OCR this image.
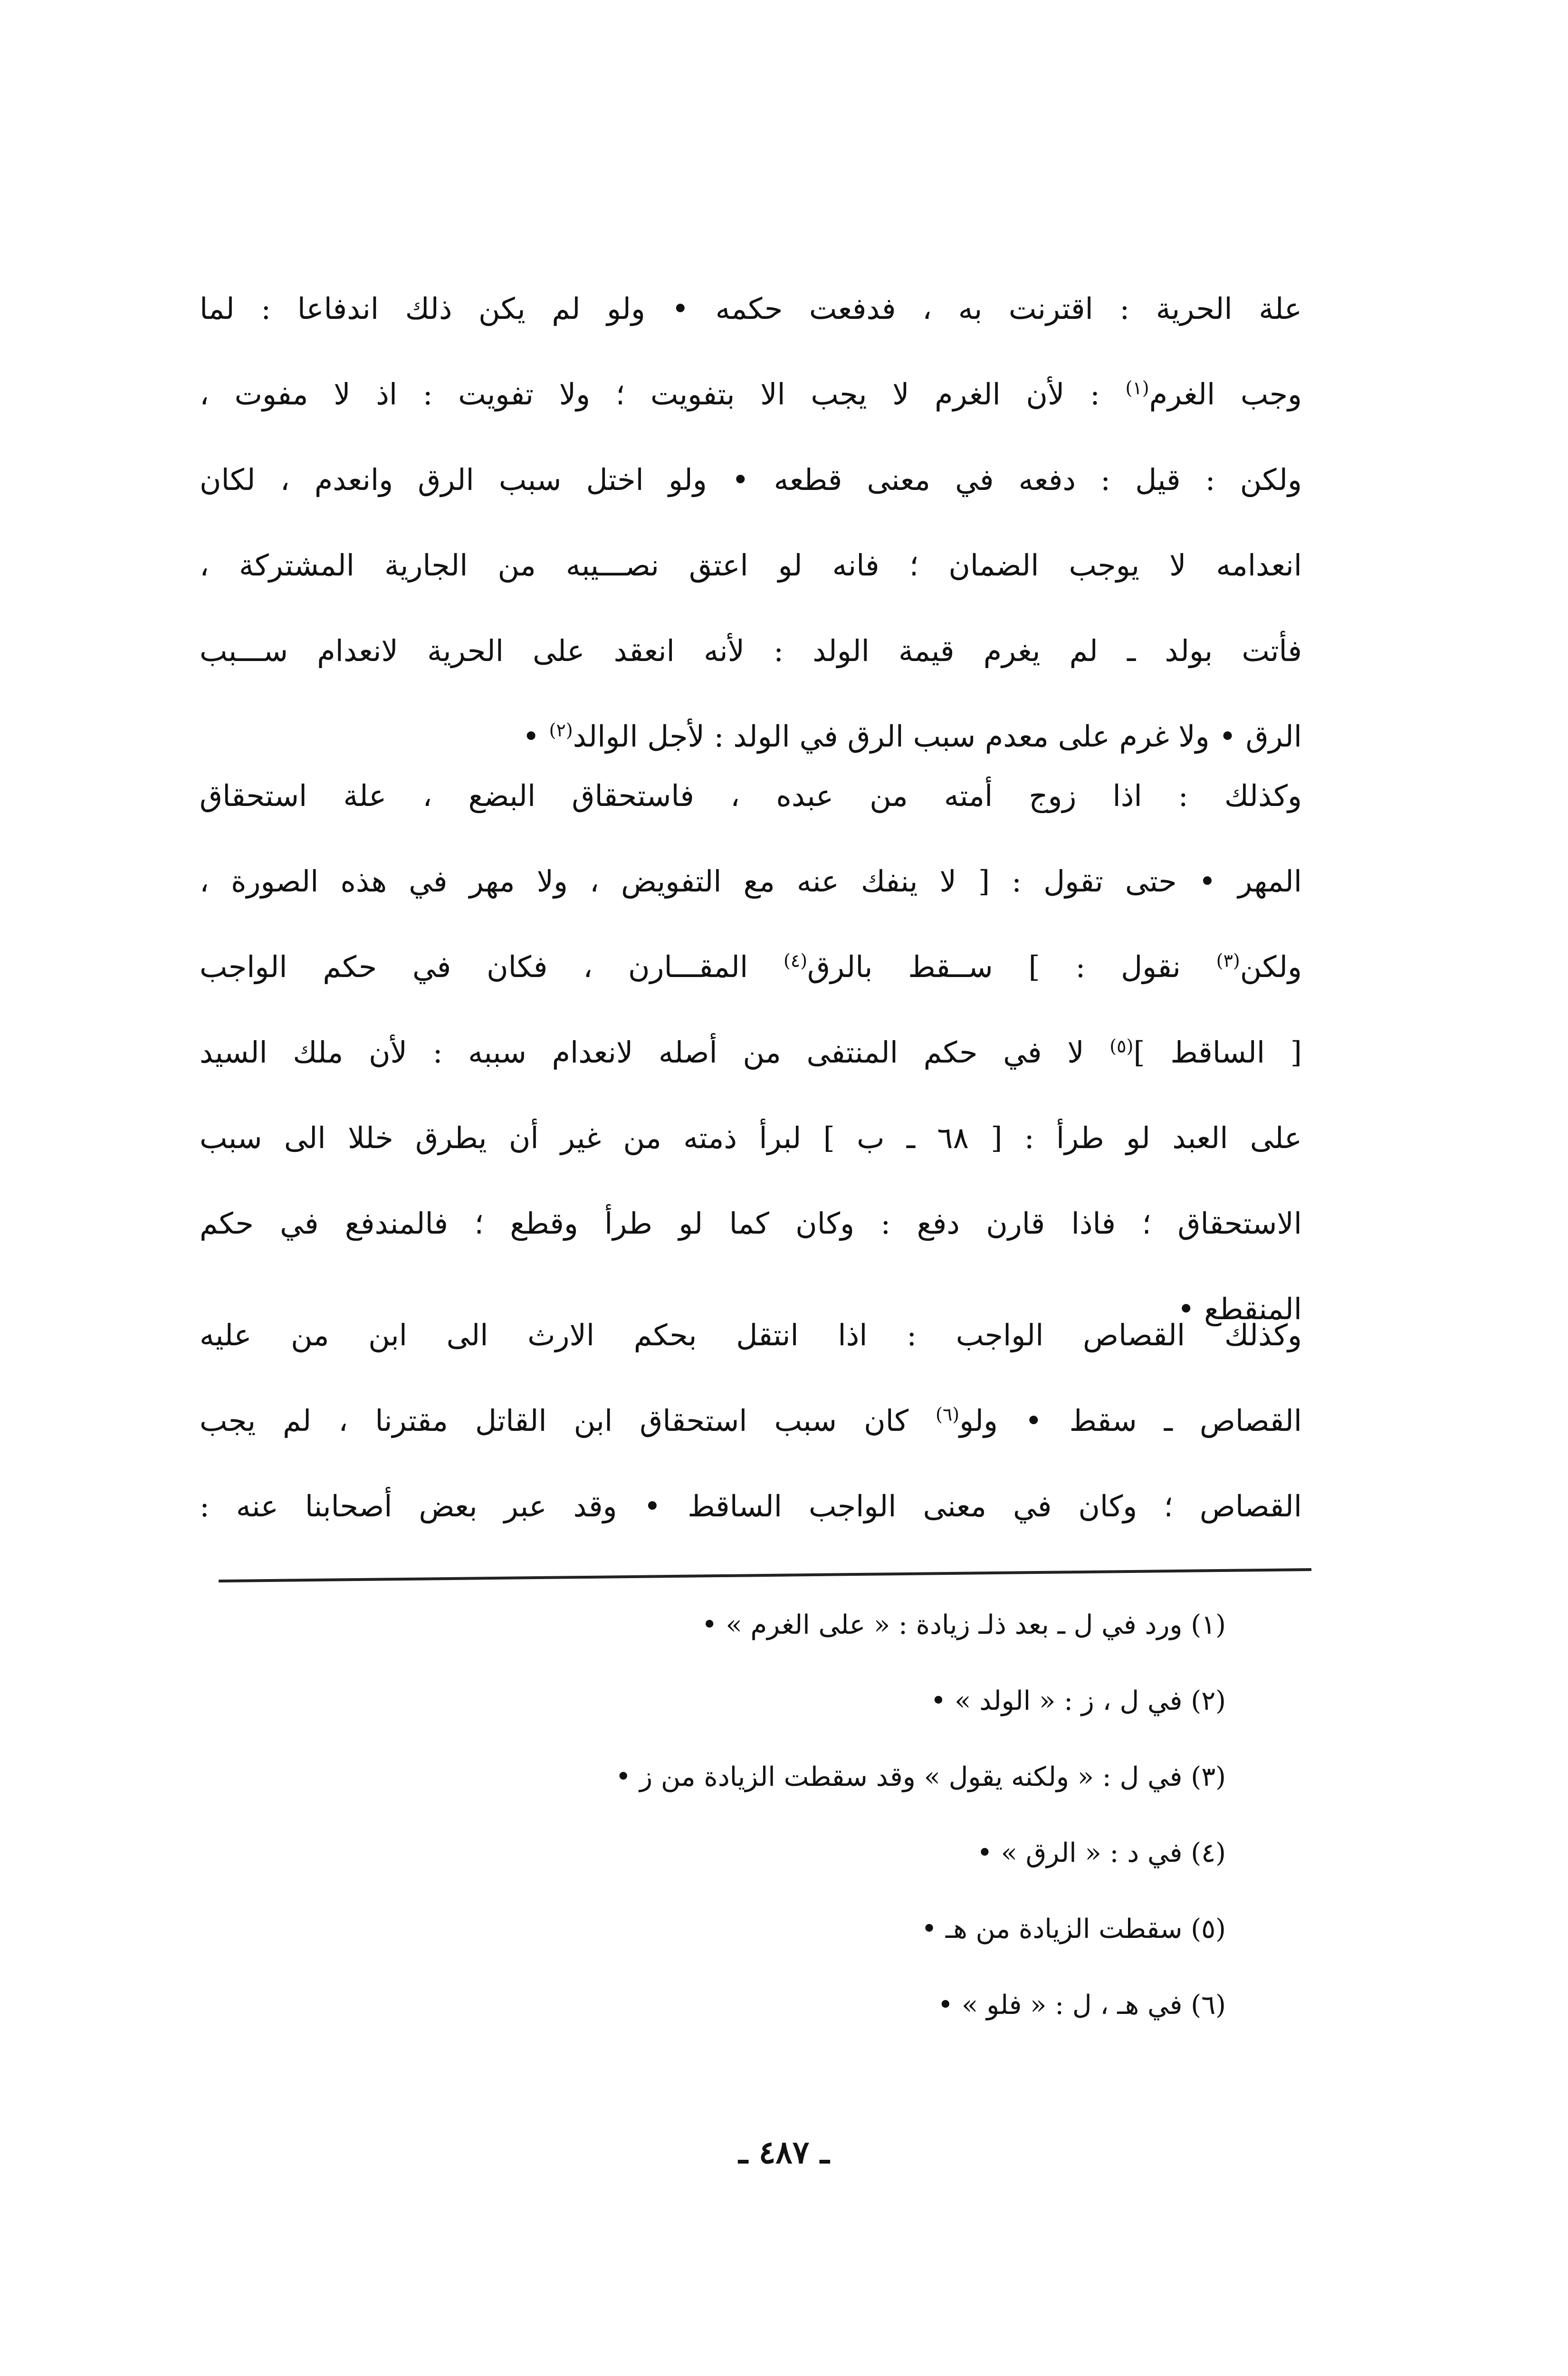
علة الحرية : اقترنت به ، فدفعت حكمه • ولو لم يكن ذلك اندفاعا : لما
وجب الغرم$^{(١)}$ : لأن الغرم لا يجب الا بتفويت ؛ ولا تفويت : اذ لا مفوت ،
ولكن : قيل : دفعه في معنى قطعه • ولو اختل سبب الرق وانعدم ، لكان
انعدامه لا يوجب الضمان ؛ فانه لو اعتق نصـــيبه من الجارية المشتركة ،
فأتت بولد ـ لم يغرم قيمة الولد : لأنه انعقد على الحرية لانعدام ســـبب
الرق • ولا غرم على معدم سبب الرق في الولد : لأجل الوالد$^{(٢)}$ •
وكذلك : اذا زوج أمته من عبده ، فاستحقاق البضع ، علة استحقاق
المهر • حتى تقول : [ لا ينفك عنه مع التفويض ، ولا مهر في هذه الصورة ،
ولكن$^{(٣)}$ نقول : ] ســقط بالرق$^{(٤)}$ المقـــارن ، فكان في حكم الواجب
[ الساقط ]$^{(٥)}$ لا في حكم المنتفى من أصله لانعدام سببه : لأن ملك السيد
على العبد لو طرأ : [ ٦٨ ـ ب ] لبرأ ذمته من غير أن يطرق خللا الى سبب
الاستحقاق ؛ فاذا قارن دفع : وكان كما لو طرأ وقطع ؛ فالمندفع في حكم
المنقطع •
وكذلك القصاص الواجب : اذا انتقل بحكم الارث الى ابن من عليه
القصاص ـ سقط • ولو$^{(٦)}$ كان سبب استحقاق ابن القاتل مقترنا ، لم يجب
القصاص ؛ وكان في معنى الواجب الساقط • وقد عبر بعض أصحابنا عنه :
(١) ورد في ل ـ بعد ذلـ زيادة : « على الغرم » •
(٢) في ل ، ز : « الولد » •
(٣) في ل : « ولكنه يقول » وقد سقطت الزيادة من ز •
(٤) في د : « الرق » •
(٥) سقطت الزيادة من هـ •
(٦) في هـ ، ل : « فلو » •
ـ ٤٨٧ ـ
